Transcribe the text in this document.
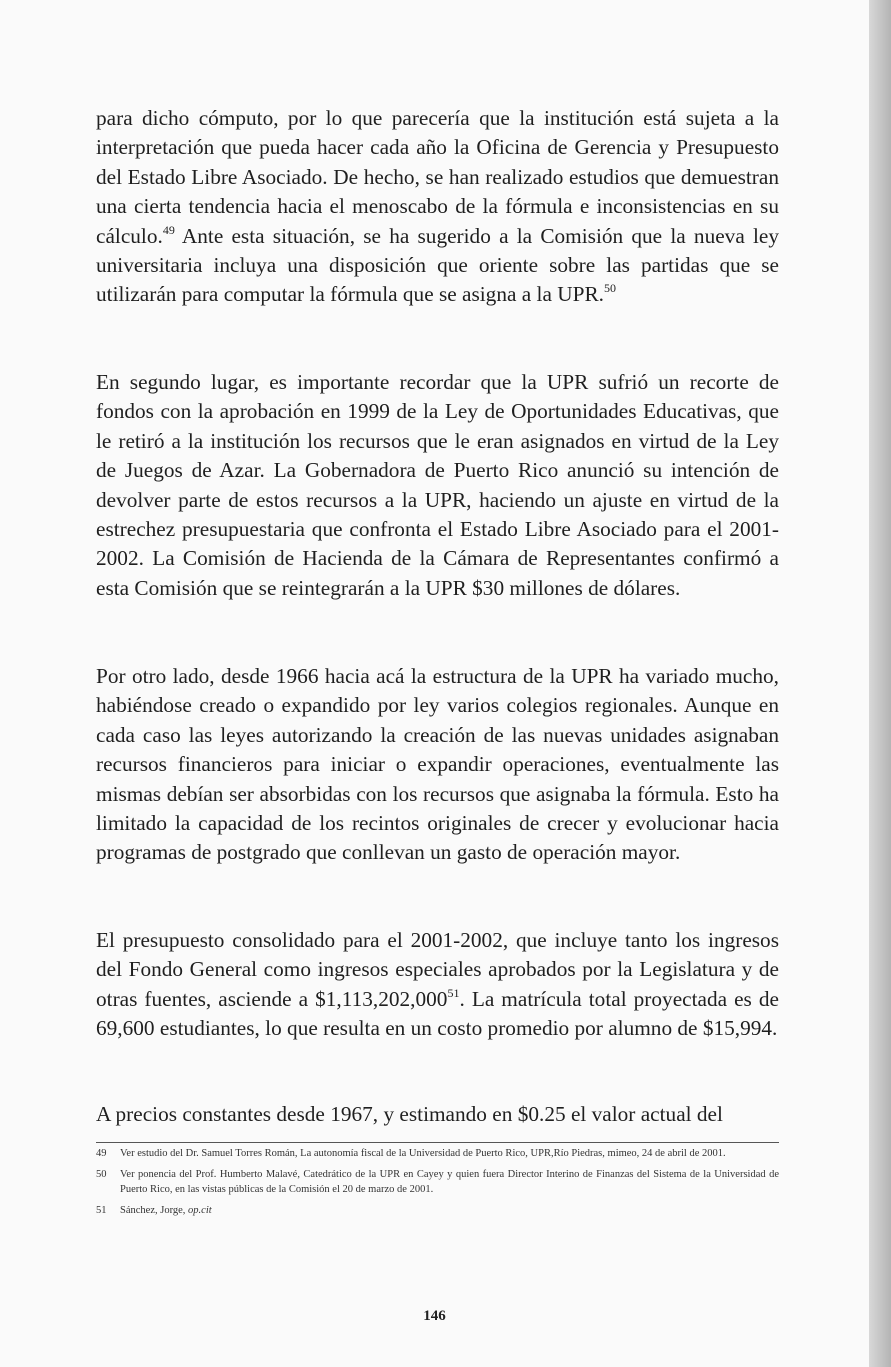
para dicho cómputo, por lo que parecería que la institución está sujeta a la interpretación que pueda hacer cada año la Oficina de Gerencia y Presupuesto del Estado Libre Asociado. De hecho, se han realizado estudios que demuestran una cierta tendencia hacia el menoscabo de la fórmula e inconsistencias en su cálculo.$^{49}$ Ante esta situación, se ha sugerido a la Comisión que la nueva ley universitaria incluya una disposición que oriente sobre las partidas que se utilizarán para computar la fórmula que se asigna a la UPR.$^{50}$

En segundo lugar, es importante recordar que la UPR sufrió un recorte de fondos con la aprobación en 1999 de la Ley de Oportunidades Educativas, que le retiró a la institución los recursos que le eran asignados en virtud de la Ley de Juegos de Azar. La Gobernadora de Puerto Rico anunció su intención de devolver parte de estos recursos a la UPR, haciendo un ajuste en virtud de la estrechez presupuestaria que confronta el Estado Libre Asociado para el 2001-2002. La Comisión de Hacienda de la Cámara de Representantes confirmó a esta Comisión que se reintegrarán a la UPR $30 millones de dólares.

Por otro lado, desde 1966 hacia acá la estructura de la UPR ha variado mucho, habiéndose creado o expandido por ley varios colegios regionales. Aunque en cada caso las leyes autorizando la creación de las nuevas unidades asignaban recursos financieros para iniciar o expandir operaciones, eventualmente las mismas debían ser absorbidas con los recursos que asignaba la fórmula. Esto ha limitado la capacidad de los recintos originales de crecer y evolucionar hacia programas de postgrado que conllevan un gasto de operación mayor.

El presupuesto consolidado para el 2001-2002, que incluye tanto los ingresos del Fondo General como ingresos especiales aprobados por la Legislatura y de otras fuentes, asciende a $1,113,202,000$^{51}$. La matrícula total proyectada es de 69,600 estudiantes, lo que resulta en un costo promedio por alumno de $15,994.

A precios constantes desde 1967, y estimando en $0.25 el valor actual del

49 Ver estudio del Dr. Samuel Torres Román, La autonomía fiscal de la Universidad de Puerto Rico, UPR,Río Piedras, mimeo, 24 de abril de 2001.

50 Ver ponencia del Prof. Humberto Malavé, Catedrático de la UPR en Cayey y quien fuera Director Interino de Finanzas del Sistema de la Universidad de Puerto Rico, en las vistas públicas de la Comisión el 20 de marzo de 2001.

51 Sánchez, Jorge, op.cit

146
